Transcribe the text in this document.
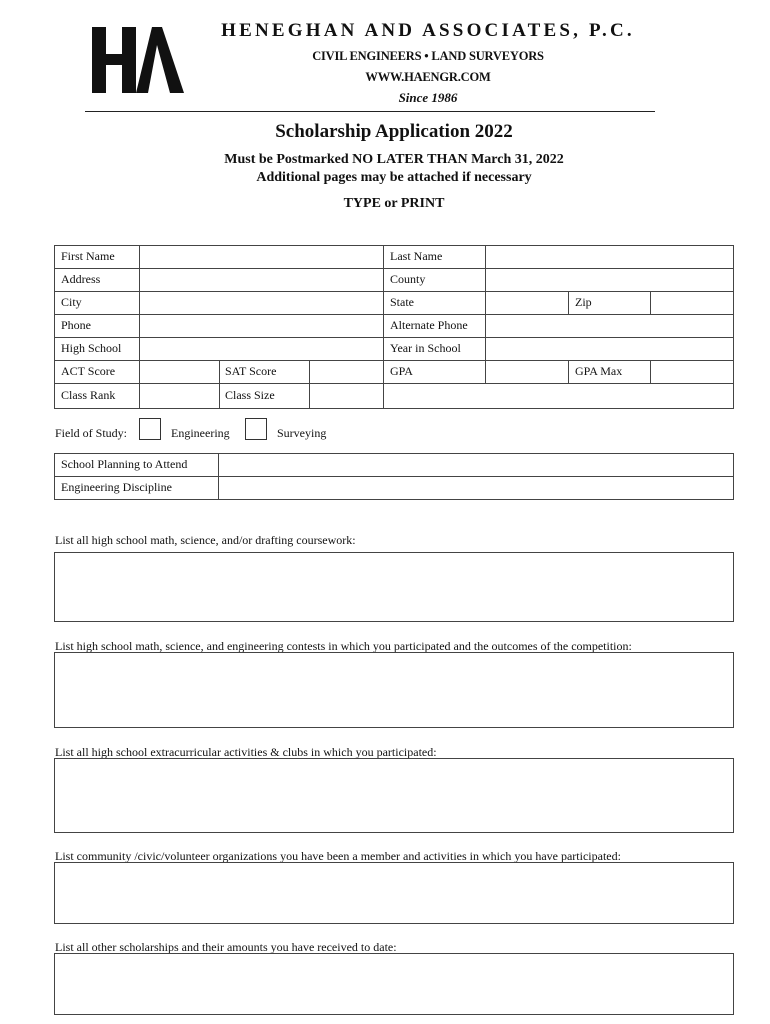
HENEGHAN AND ASSOCIATES, P.C.
CIVIL ENGINEERS • LAND SURVEYORS
WWW.HAENGR.COM
Since 1986
Scholarship Application 2022
Must be Postmarked NO LATER THAN March 31, 2022
Additional pages may be attached if necessary
TYPE or PRINT
First Name	Last Name
Address	County
City	State	Zip
Phone	Alternate Phone
High School	Year in School
ACT Score	SAT Score	GPA	GPA Max
Class Rank	Class Size
Field of Study:	Engineering	Surveying
School Planning to Attend
Engineering Discipline
List all high school math, science, and/or drafting coursework:
List high school math, science, and engineering contests in which you participated and the outcomes of the competition:
List all high school extracurricular activities & clubs in which you participated:
List community /civic/volunteer organizations you have been a member and activities in which you have participated:
List all other scholarships and their amounts you have received to date:
